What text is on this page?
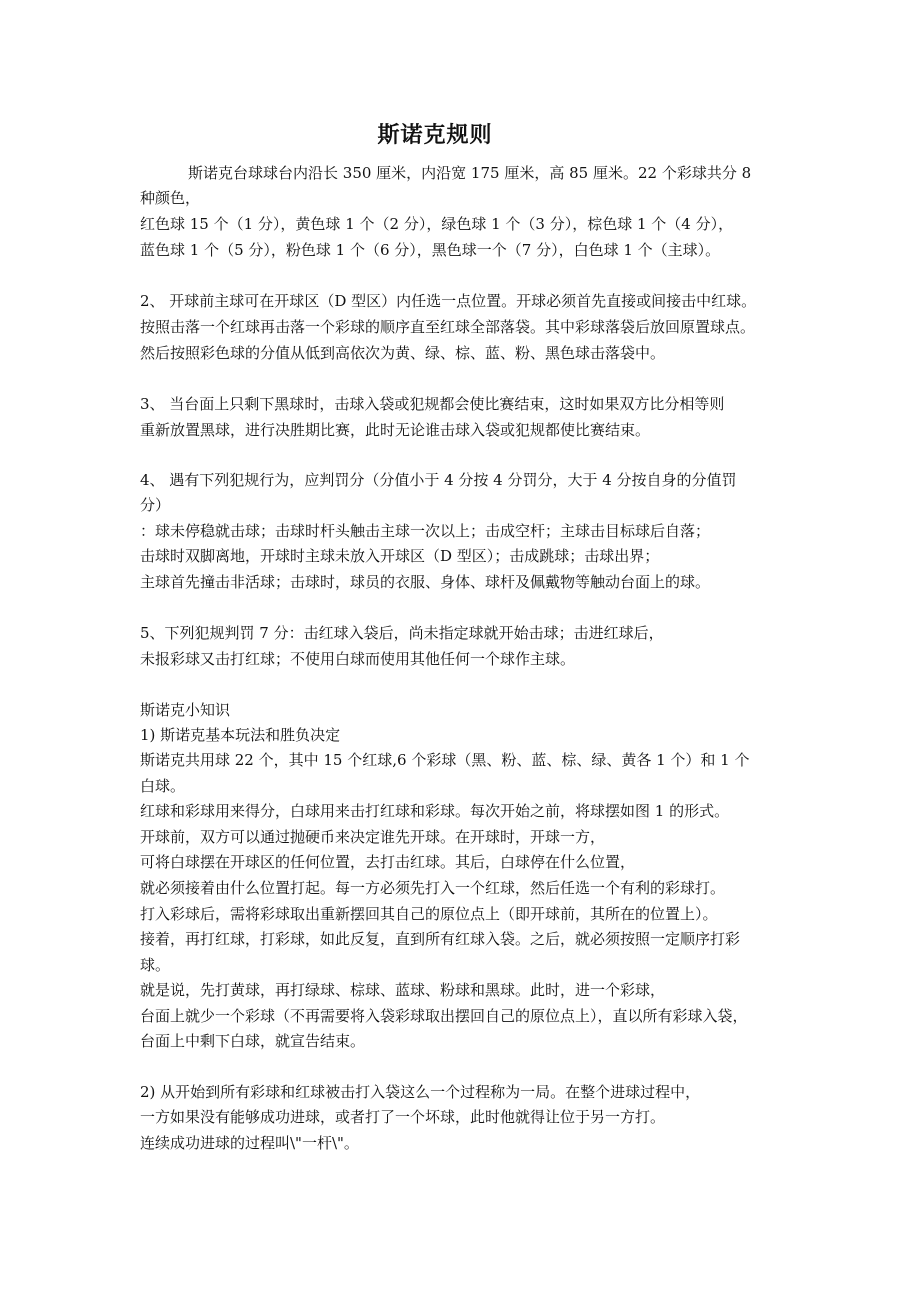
斯诺克规则
斯诺克台球球台内沿长 350 厘米，内沿宽 175 厘米，高 85 厘米。22 个彩球共分 8
种颜色，
红色球 15 个（1 分），黄色球 1 个（2 分），绿色球 1 个（3 分），棕色球 1 个（4 分），
蓝色球 1 个（5 分），粉色球 1 个（6 分），黑色球一个（7 分），白色球 1 个（主球）。
2、 开球前主球可在开球区（D 型区）内任选一点位置。开球必须首先直接或间接击中红球。
按照击落一个红球再击落一个彩球的顺序直至红球全部落袋。其中彩球落袋后放回原置球点。
然后按照彩色球的分值从低到高依次为黄、绿、棕、蓝、粉、黑色球击落袋中。
3、 当台面上只剩下黑球时，击球入袋或犯规都会使比赛结束，这时如果双方比分相等则
重新放置黑球，进行决胜期比赛，此时无论谁击球入袋或犯规都使比赛结束。
4、 遇有下列犯规行为，应判罚分（分值小于 4 分按 4 分罚分，大于 4 分按自身的分值罚
分）
：球未停稳就击球；击球时杆头触击主球一次以上；击成空杆；主球击目标球后自落；
击球时双脚离地，开球时主球未放入开球区（D 型区）；击成跳球；击球出界；
主球首先撞击非活球；击球时，球员的衣服、身体、球杆及佩戴物等触动台面上的球。
5、下列犯规判罚 7 分：击红球入袋后，尚未指定球就开始击球；击进红球后，
未报彩球又击打红球；不使用白球而使用其他任何一个球作主球。
斯诺克小知识
1) 斯诺克基本玩法和胜负决定
斯诺克共用球 22 个，其中 15 个红球,6 个彩球（黑、粉、蓝、棕、绿、黄各 1 个）和 1 个
白球。
红球和彩球用来得分，白球用来击打红球和彩球。每次开始之前，将球摆如图 1 的形式。
开球前，双方可以通过抛硬币来决定谁先开球。在开球时，开球一方，
可将白球摆在开球区的任何位置，去打击红球。其后，白球停在什么位置，
就必须接着由什么位置打起。每一方必须先打入一个红球，然后任选一个有利的彩球打。
打入彩球后，需将彩球取出重新摆回其自己的原位点上（即开球前，其所在的位置上）。
接着，再打红球，打彩球，如此反复，直到所有红球入袋。之后，就必须按照一定顺序打彩
球。
就是说，先打黄球，再打绿球、棕球、蓝球、粉球和黑球。此时，进一个彩球，
台面上就少一个彩球（不再需要将入袋彩球取出摆回自己的原位点上），直以所有彩球入袋，
台面上中剩下白球，就宣告结束。
2) 从开始到所有彩球和红球被击打入袋这么一个过程称为一局。在整个进球过程中，
一方如果没有能够成功进球，或者打了一个坏球，此时他就得让位于另一方打。
连续成功进球的过程叫\"一杆\"。
